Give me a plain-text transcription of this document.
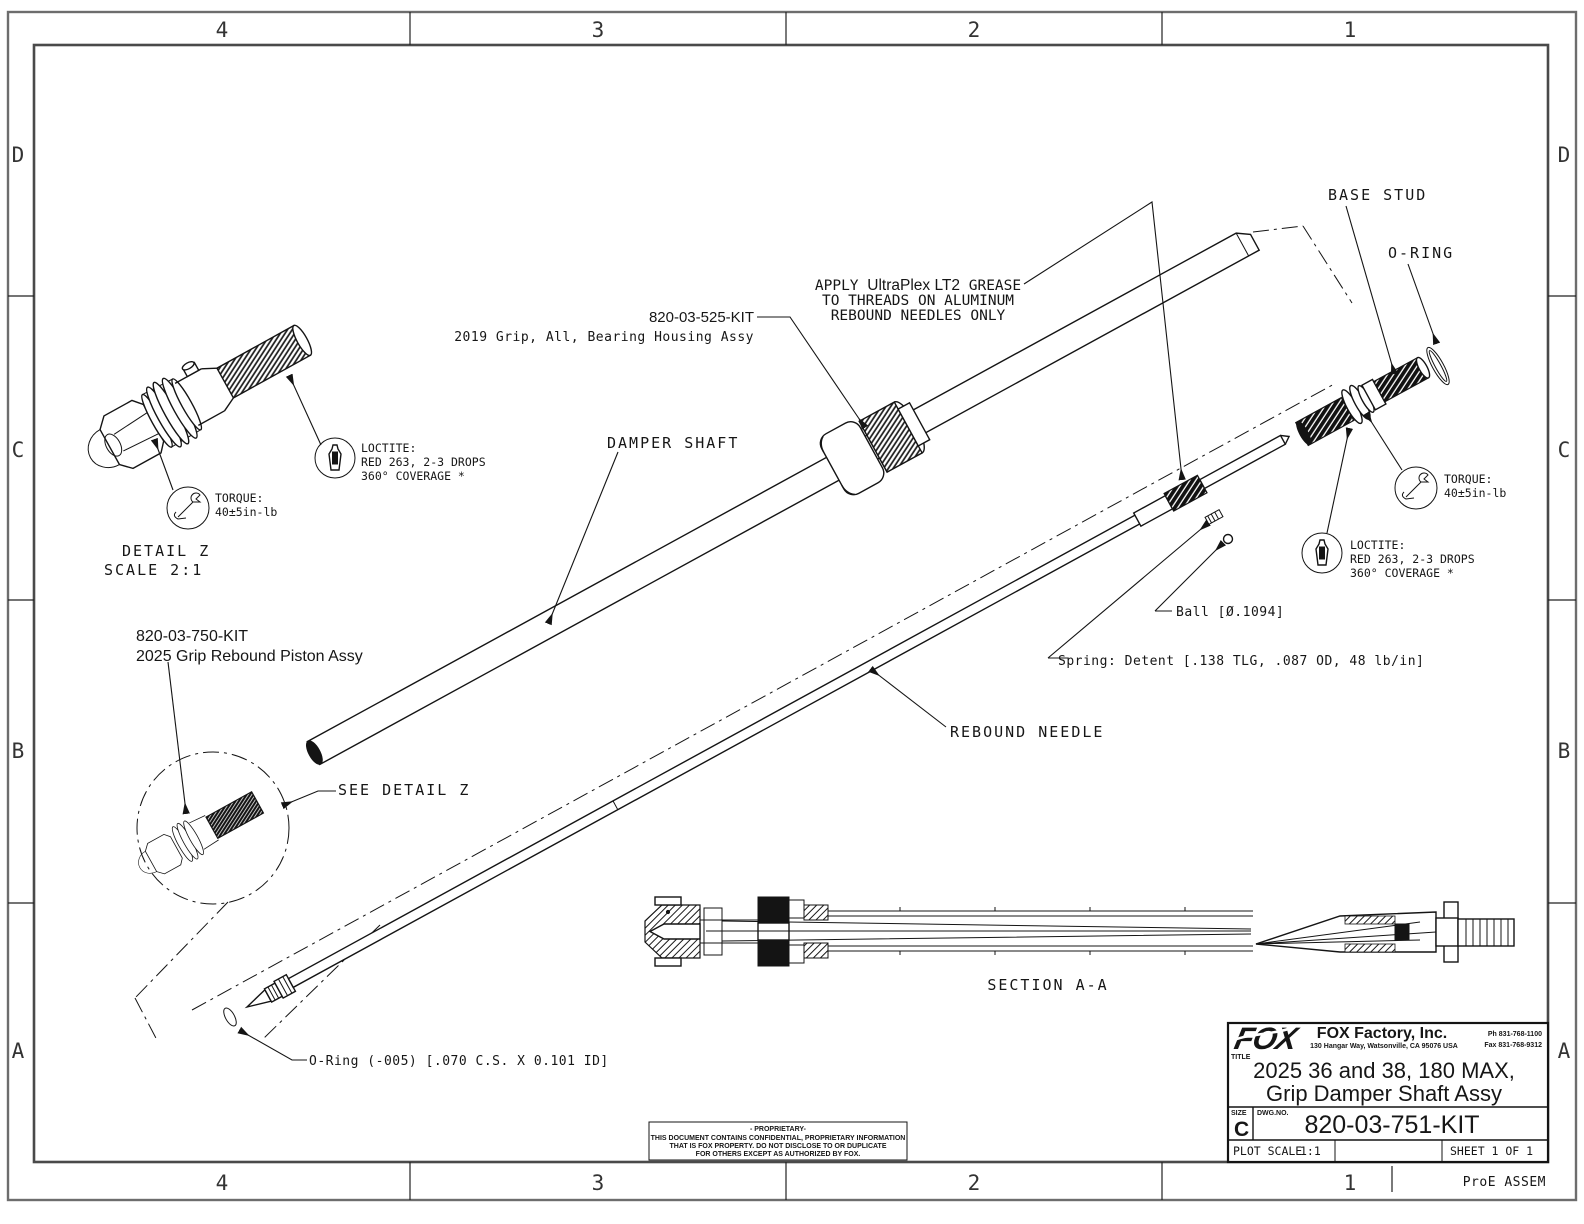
4	3	2	1
4	3	2	1
D
C
B
A
D
C
B
A
ProE ASSEM
DAMPER SHAFT
BASE STUD
O-RING
REBOUND NEEDLE
SEE DETAIL Z
DETAIL Z
SCALE 2:1
SECTION A-A
Ball [Ø.1094]
Spring: Detent [.138 TLG, .087 OD, 48 lb/in]
O-Ring (-005) [.070 C.S. X 0.101 ID]
APPLY UltraPlex LT2 GREASE
TO THREADS ON ALUMINUM
REBOUND NEEDLES ONLY
820-03-525-KIT
2019 Grip, All, Bearing Housing Assy
820-03-750-KIT
2025 Grip Rebound Piston Assy
TORQUE:
40±5in-lb
TORQUE:
40±5in-lb
LOCTITE:
RED 263, 2-3 DROPS
360° COVERAGE *
LOCTITE:
RED 263, 2-3 DROPS
360° COVERAGE *
- PROPRIETARY-
THIS DOCUMENT CONTAINS CONFIDENTIAL, PROPRIETARY INFORMATION
THAT IS FOX PROPERTY. DO NOT DISCLOSE TO OR DUPLICATE
FOR OTHERS EXCEPT AS AUTHORIZED BY FOX.
FOX FOX Factory, Inc.
130 Hangar Way, Watsonville, CA 95076 USA
Ph 831-768-1100
Fax 831-768-9312
TITLE
2025 36 and 38, 180 MAX,
Grip Damper Shaft Assy
SIZE
C
DWG.NO. 820-03-751-KIT
PLOT SCALE
1:1	SHEET 1 OF 1
